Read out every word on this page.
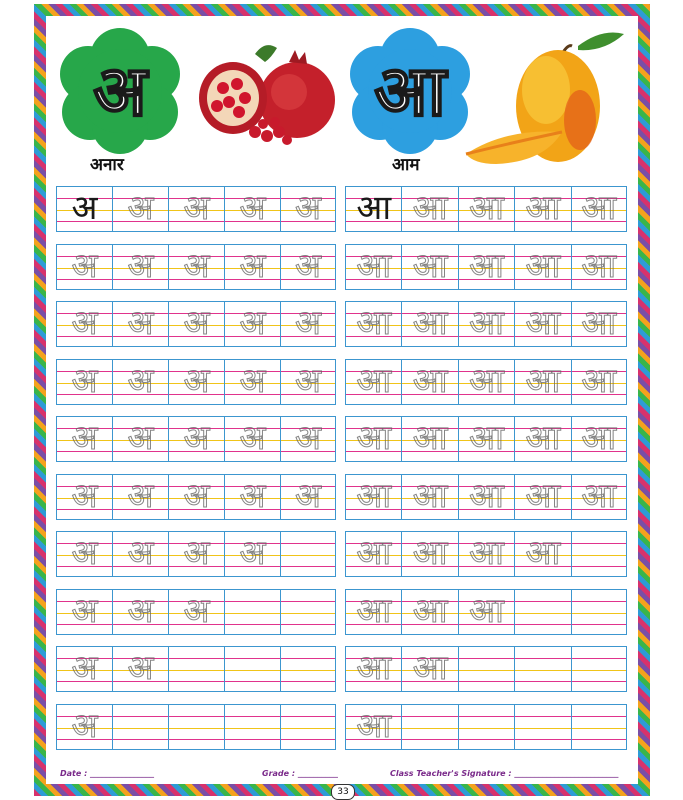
अ
अनार
आ
आम
अ अ अ अ अ
अ अ अ अ अ
अ अ अ अ अ
अ अ अ अ अ
अ अ अ अ अ
अ अ अ अ अ
अ अ अ अ
अ अ अ
अ अ
अ
आ आ आ आ आ
आ आ आ आ आ
आ आ आ आ आ
आ आ आ आ आ
आ आ आ आ आ
आ आ आ आ आ
आ आ आ आ
आ आ आ
आ आ
आ
Date : ________________	Grade : __________	Class Teacher's Signature : __________________________
33
